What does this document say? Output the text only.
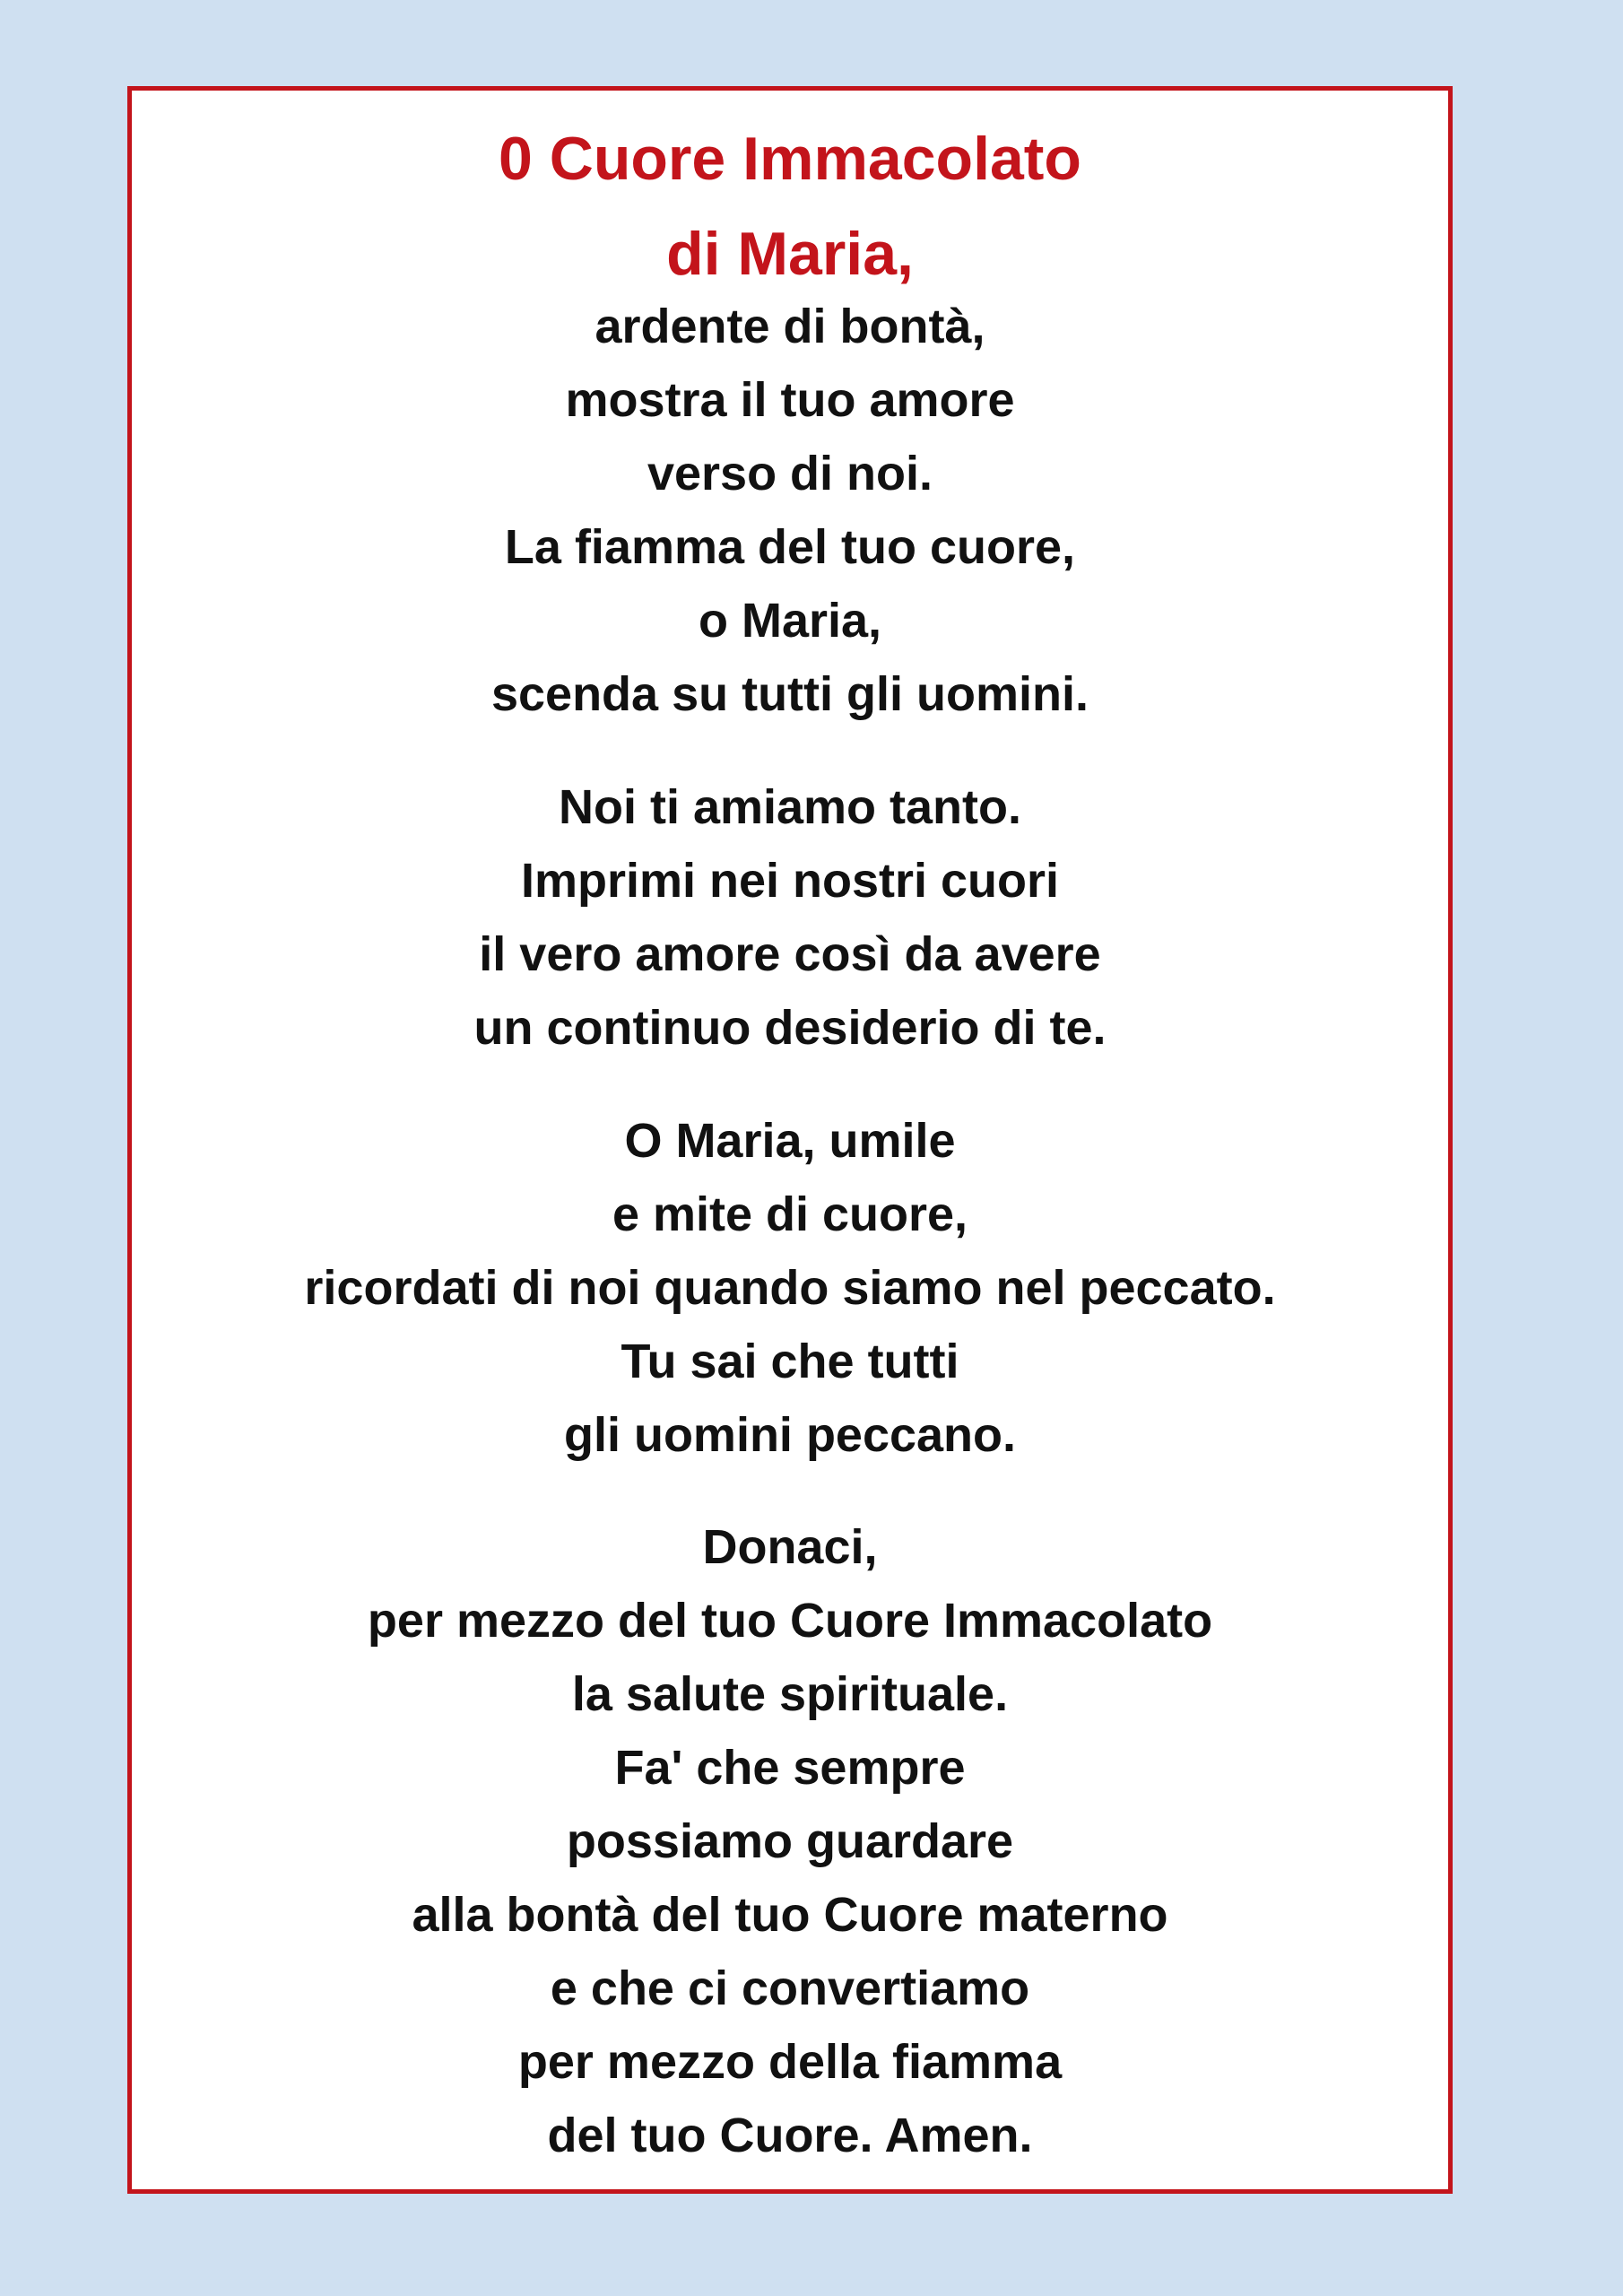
0 Cuore Immacolato
di Maria,
ardente di bontà,
mostra il tuo amore
verso di noi.
La fiamma del tuo cuore,
o Maria,
scenda su tutti gli uomini.
Noi ti amiamo tanto.
Imprimi nei nostri cuori
il vero amore così da avere
un continuo desiderio di te.
O Maria, umile
e mite di cuore,
ricordati di noi quando siamo nel peccato.
Tu sai che tutti
gli uomini peccano.
Donaci,
per mezzo del tuo Cuore Immacolato
la salute spirituale.
Fa' che sempre
possiamo guardare
alla bontà del tuo Cuore materno
e che ci convertiamo
per mezzo della fiamma
del tuo Cuore. Amen.
